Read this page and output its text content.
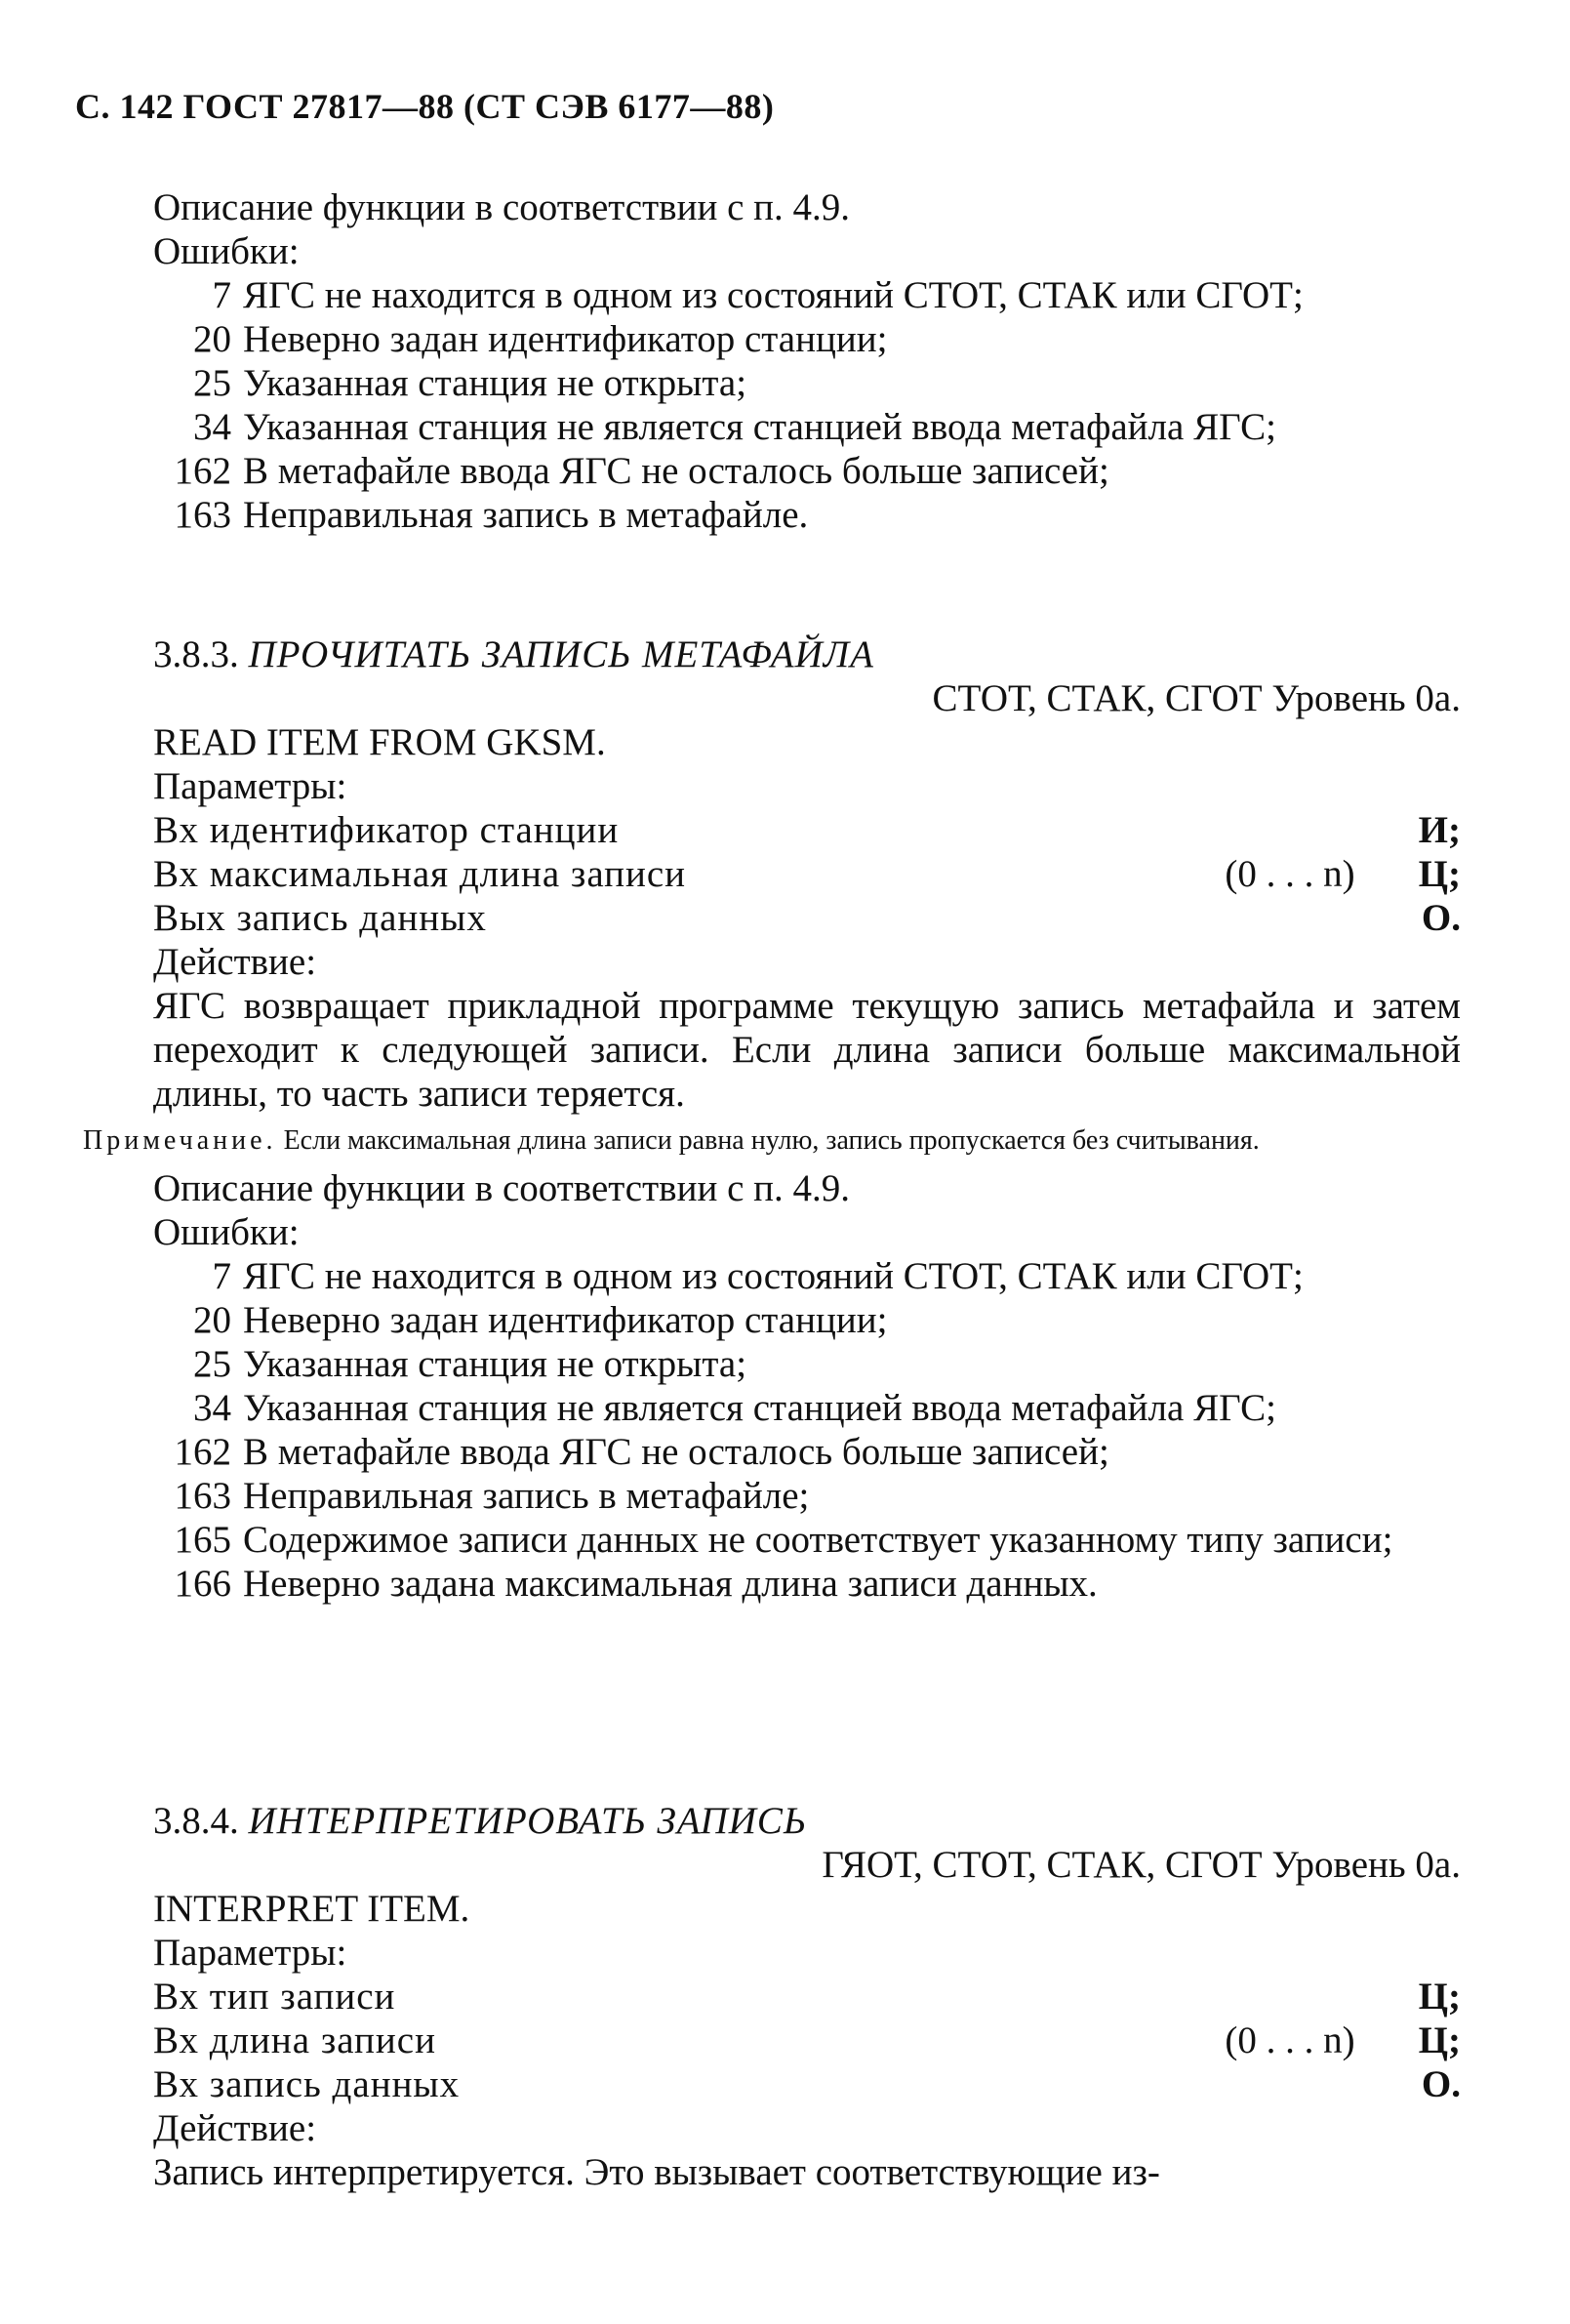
С. 142 ГОСТ 27817—88 (СТ СЭВ 6177—88)
Описание функции в соответствии с п. 4.9.
Ошибки:
7 ЯГС не находится в одном из состояний СТОТ, СТАК или СГОТ;
20 Неверно задан идентификатор станции;
25 Указанная станция не открыта;
34 Указанная станция не является станцией ввода метафайла ЯГС;
162 В метафайле ввода ЯГС не осталось больше записей;
163 Неправильная запись в метафайле.
3.8.3. ПРОЧИТАТЬ ЗАПИСЬ МЕТАФАЙЛА
СТОТ, СТАК, СГОТ Уровень 0а.
READ ITEM FROM GKSM.
Параметры:
Вх идентификатор станции	И;
Вх максимальная длина записи	(0 . . . n)	Ц;
Вых запись данных	О.
Действие:
ЯГС возвращает прикладной программе текущую запись метафайла и затем переходит к следующей записи. Если длина записи больше максимальной длины, то часть записи теряется.
Примечание. Если максимальная длина записи равна нулю, запись пропускается без считывания.
Описание функции в соответствии с п. 4.9.
Ошибки:
7 ЯГС не находится в одном из состояний СТОТ, СТАК или СГОТ;
20 Неверно задан идентификатор станции;
25 Указанная станция не открыта;
34 Указанная станция не является станцией ввода метафайла ЯГС;
162 В метафайле ввода ЯГС не осталось больше записей;
163 Неправильная запись в метафайле;
165 Содержимое записи данных не соответствует указанному типу записи;
166 Неверно задана максимальная длина записи данных.
3.8.4. ИНТЕРПРЕТИРОВАТЬ ЗАПИСЬ
ГЯОТ, СТОТ, СТАК, СГОТ Уровень 0а.
INTERPRET ITEM.
Параметры:
Вх тип записи	Ц;
Вх длина записи	(0 . . . n)	Ц;
Вх запись данных	О.
Действие:
Запись интерпретируется. Это вызывает соответствующие из-
